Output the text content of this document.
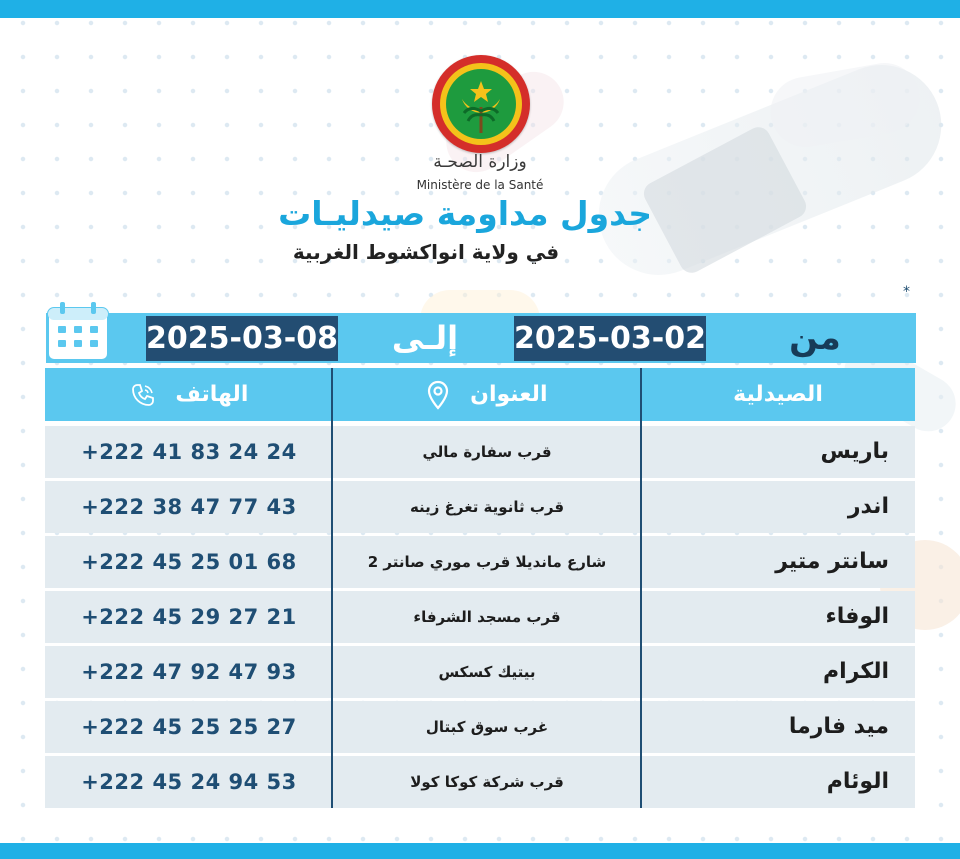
وزارة الصحـة
Ministère de la Santé
جدول مداومة صيدليـات
في ولاية انواكشوط الغربية
*
من
2025-03-02
إلـى
2025-03-08
الصيدلية
العنوان
الهاتف
باريس
قرب سفارة مالي
+222 41 83 24 24
اندر
قرب ثانوية تغرغ زينه
+222 38 47 77 43
سانتر متير
شارع مانديلا قرب موري صانتر 2
+222 45 25 01 68
الوفاء
قرب مسجد الشرفاء
+222 45 29 27 21
الكرام
بيتيك كسكس
+222 47 92 47 93
ميد فارما
غرب سوق كبتال
+222 45 25 25 27
الوئام
قرب شركة كوكا كولا
+222 45 24 94 53
